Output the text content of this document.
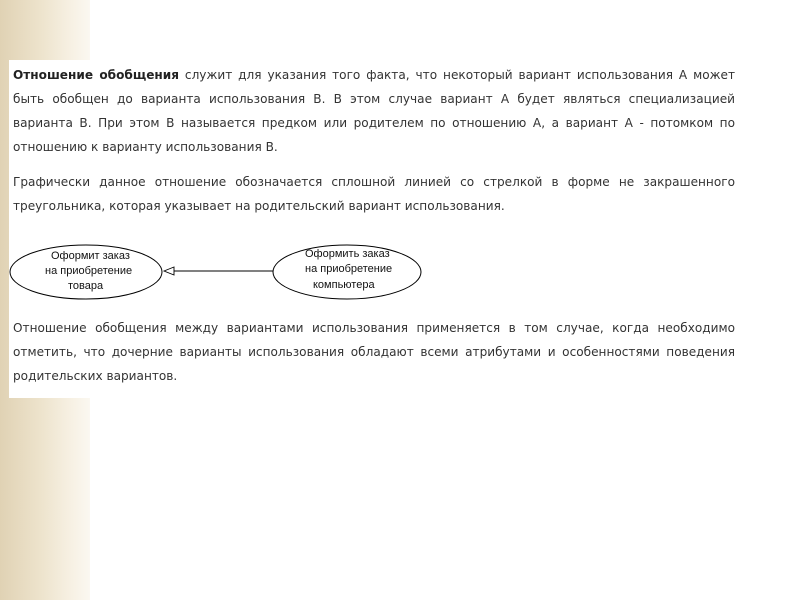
Отношение обобщения служит для указания того факта, что некоторый вариант использования A может быть обобщен до варианта использования B. В этом случае вариант A будет являться специализацией варианта B. При этом B называется предком или родителем по отношению A, а вариант A - потомком по отношению к варианту использования B.

Графически данное отношение обозначается сплошной линией со стрелкой в форме не закрашенного треугольника, которая указывает на родительский вариант использования.

Оформит заказ
на приобретение
товара
Оформить заказ
на приобретение
компьютера

Отношение обобщения между вариантами использования применяется в том случае, когда необходимо отметить, что дочерние варианты использования обладают всеми атрибутами и особенностями поведения родительских вариантов.
